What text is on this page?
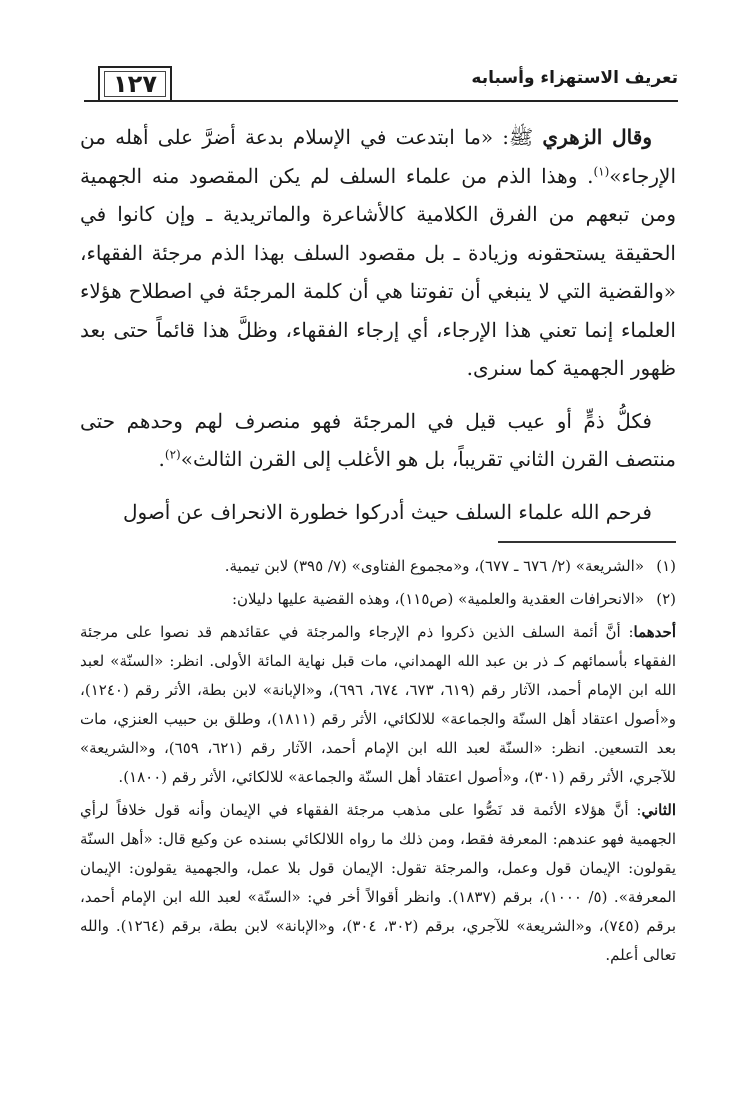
١٢٧	تعريف الاستهزاء وأسبابه

وقال الزهري ﷺ: «ما ابتدعت في الإسلام بدعة أضرَّ على أهله من الإرجاء»$^{(١)}$. وهذا الذم من علماء السلف لم يكن المقصود منه الجهمية ومن تبعهم من الفرق الكلامية كالأشاعرة والماتريدية ـ وإن كانوا في الحقيقة يستحقونه وزيادة ـ بل مقصود السلف بهذا الذم مرجئة الفقهاء، «والقضية التي لا ينبغي أن تفوتنا هي أن كلمة المرجئة في اصطلاح هؤلاء العلماء إنما تعني هذا الإرجاء، أي إرجاء الفقهاء، وظلَّ هذا قائماً حتى بعد ظهور الجهمية كما سنرى.

فكلُّ ذمٍّ أو عيب قيل في المرجئة فهو منصرف لهم وحدهم حتى منتصف القرن الثاني تقريباً، بل هو الأغلب إلى القرن الثالث»$^{(٢)}$.

فرحم الله علماء السلف حيث أدركوا خطورة الانحراف عن أصول

(١)«الشريعة» (٢/ ٦٧٦ ـ ٦٧٧)، و«مجموع الفتاوى» (٧/ ٣٩٥) لابن تيمية.
(٢)«الانحرافات العقدية والعلمية» (ص١١٥)، وهذه القضية عليها دليلان:
أحدهما: أنَّ أئمة السلف الذين ذكروا ذم الإرجاء والمرجئة في عقائدهم قد نصوا على مرجئة الفقهاء بأسمائهم كـ ذر بن عبد الله الهمداني، مات قبل نهاية المائة الأولى. انظر: «السنّة» لعبد الله ابن الإمام أحمد، الآثار رقم (٦١٩، ٦٧٣، ٦٧٤، ٦٩٦)، و«الإبانة» لابن بطة، الأثر رقم (١٢٤٠)، و«أصول اعتقاد أهل السنّة والجماعة» للالكائي، الأثر رقم (١٨١١)، وطلق بن حبيب العنزي، مات بعد التسعين. انظر: «السنّة لعبد الله ابن الإمام أحمد، الآثار رقم (٦٢١، ٦٥٩)، و«الشريعة» للآجري، الأثر رقم (٣٠١)، و«أصول اعتقاد أهل السنّة والجماعة» للالكائي، الأثر رقم (١٨٠٠).
الثاني: أنَّ هؤلاء الأئمة قد نَصُّوا على مذهب مرجئة الفقهاء في الإيمان وأنه قول خلافاً لرأي الجهمية فهو عندهم: المعرفة فقط، ومن ذلك ما رواه اللالكائي بسنده عن وكيع قال: «أهل السنّة يقولون: الإيمان قول وعمل، والمرجئة تقول: الإيمان قول بلا عمل، والجهمية يقولون: الإيمان المعرفة». (٥/ ١٠٠٠)، برقم (١٨٣٧). وانظر أقوالاً أخر في: «السنّة» لعبد الله ابن الإمام أحمد، برقم (٧٤٥)، و«الشريعة» للآجري، برقم (٣٠٢، ٣٠٤)، و«الإبانة» لابن بطة، برقم (١٢٦٤). والله تعالى أعلم.
